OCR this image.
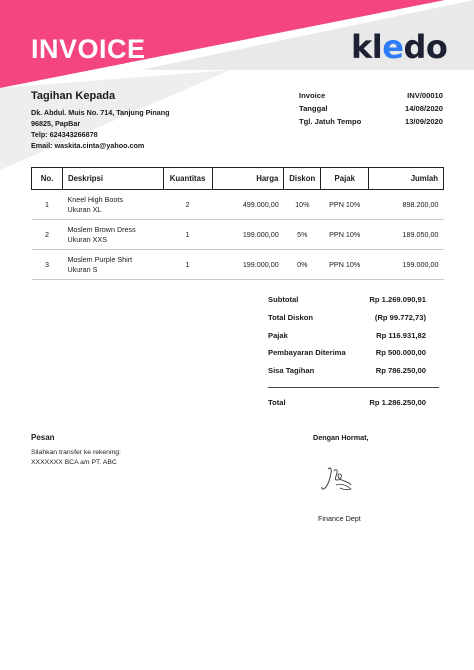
INVOICE	kledo
Tagihan Kepada
Dk. Abdul. Muis No. 714, Tanjung Pinang
96825, PapBar
Telp: 624343266878
Email: waskita.cinta@yahoo.com
Invoice	INV/00010
Tanggal	14/08/2020
Tgl. Jatuh Tempo	13/09/2020
No.	Deskripsi	Kuantitas	Harga	Diskon	Pajak	Jumlah
1	Kneel High Boots
Ukuran XL	2	499.000,00	10%	PPN 10%	898.200,00
2	Moslem Brown Dress
Ukuran XXS	1	199.000,00	5%	PPN 10%	189.050,00
3	Moslem Purple Shirt
Ukuran S	1	199.000,00	0%	PPN 10%	199.000,00
Subtotal	Rp 1.269.090,91
Total Diskon	(Rp 99.772,73)
Pajak	Rp 116.931,82
Pembayaran Diterima	Rp 500.000,00
Sisa Tagihan	Rp 786.250,00
Total	Rp 1.286.250,00
Pesan
Silahkan transfer ke rekening:
XXXXXXX BCA a/n PT. ABC
Dengan Hormat,
Finance Dept
